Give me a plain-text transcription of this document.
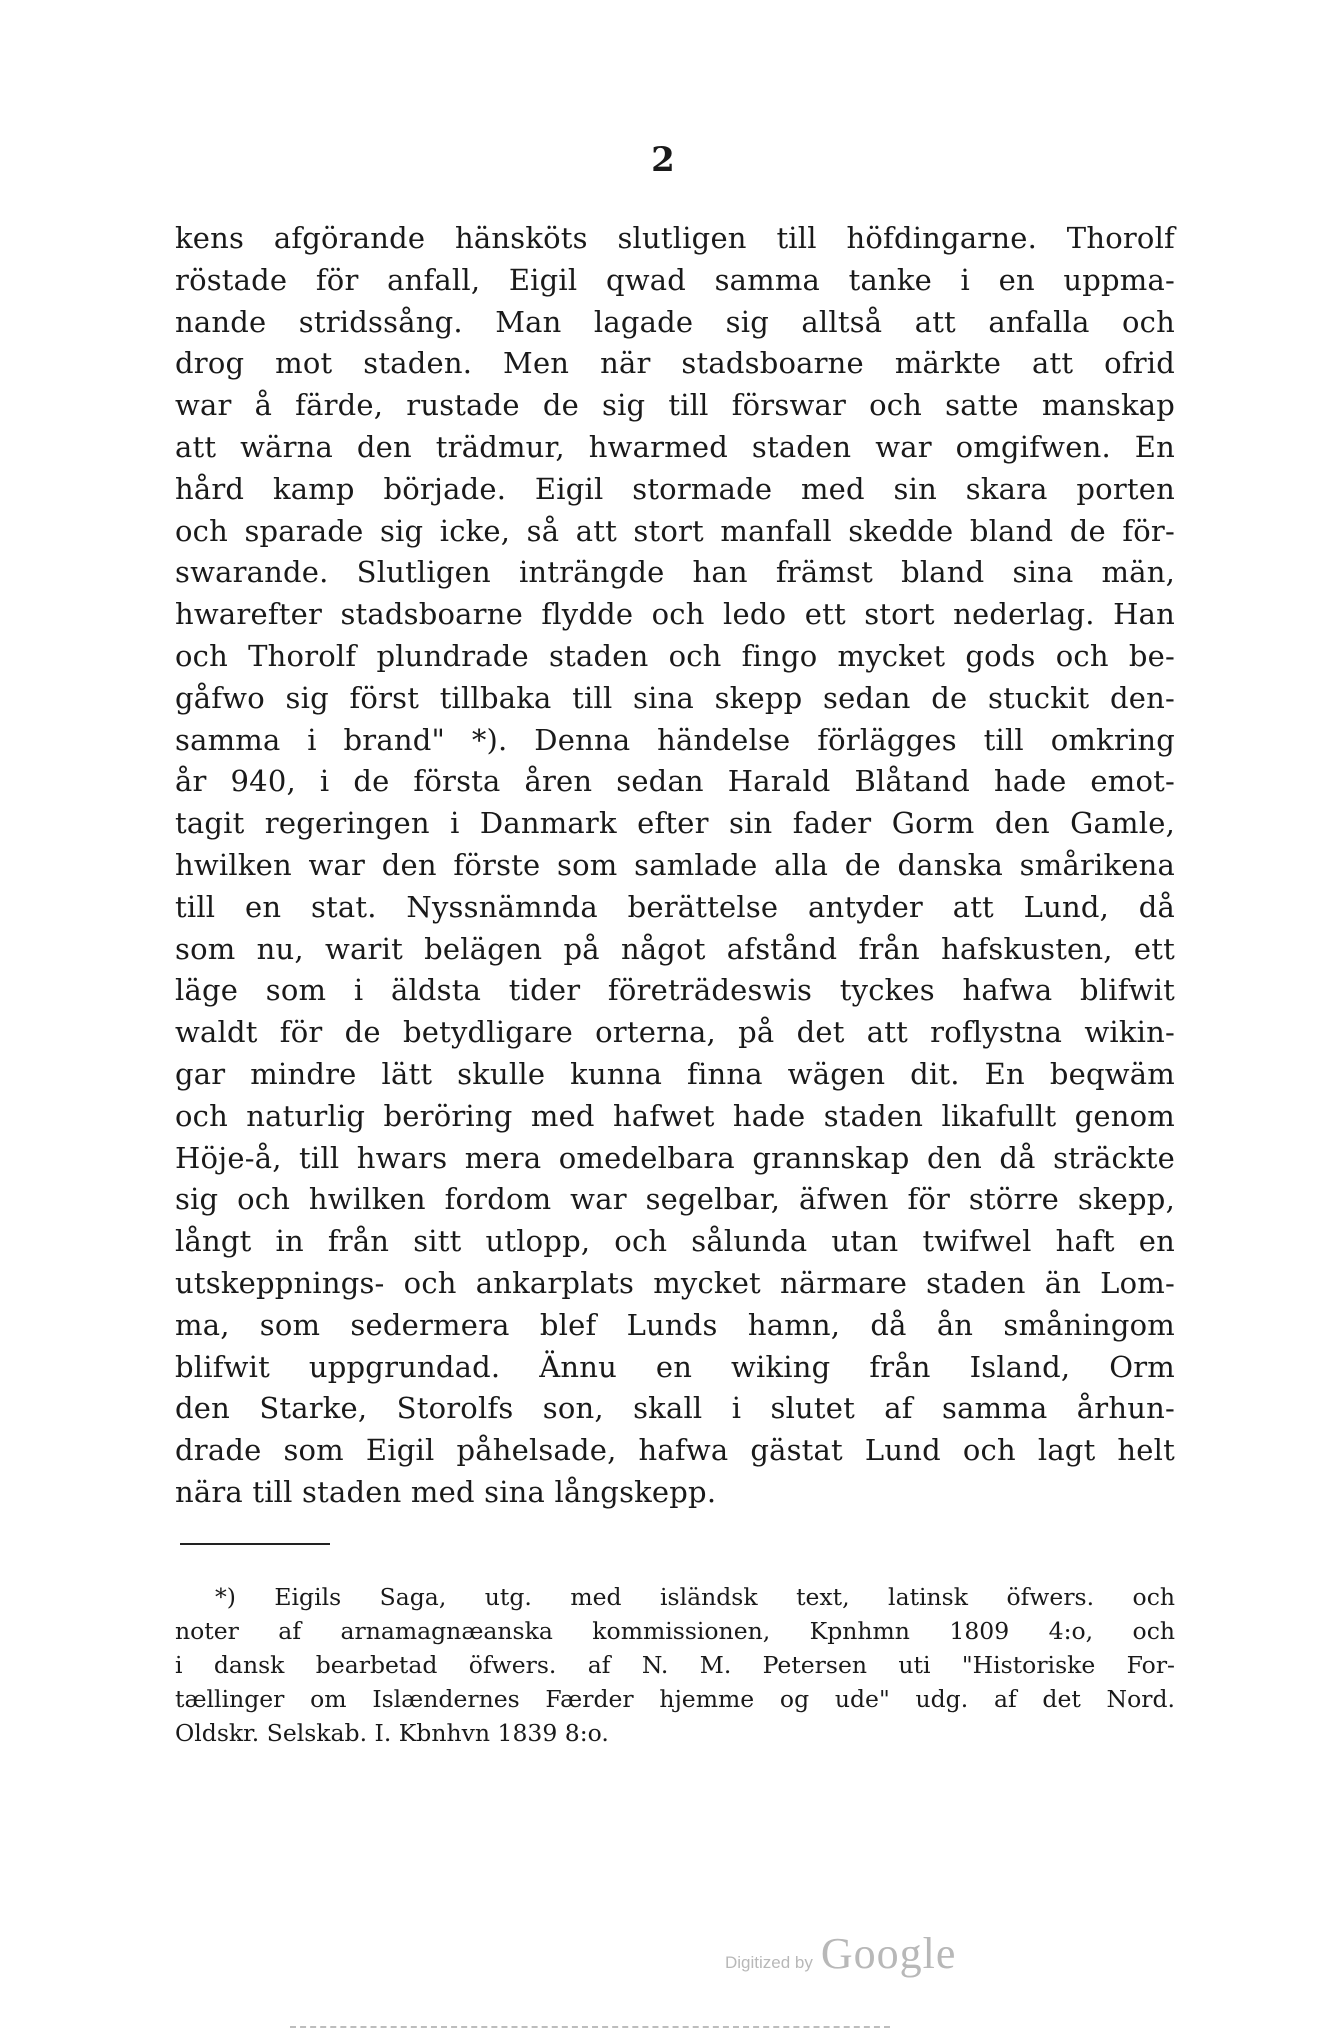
2
kens afgörande hänsköts slutligen till höfdingarne. Thorolf
röstade för anfall, Eigil qwad samma tanke i en uppma-
nande stridssång. Man lagade sig alltså att anfalla och
drog mot staden. Men när stadsboarne märkte att ofrid
war å färde, rustade de sig till förswar och satte manskap
att wärna den trädmur, hwarmed staden war omgifwen. En
hård kamp började. Eigil stormade med sin skara porten
och sparade sig icke, så att stort manfall skedde bland de för-
swarande. Slutligen inträngde han främst bland sina män,
hwarefter stadsboarne flydde och ledo ett stort nederlag. Han
och Thorolf plundrade staden och fingo mycket gods och be-
gåfwo sig först tillbaka till sina skepp sedan de stuckit den-
samma i brand" *). Denna händelse förlägges till omkring
år 940, i de första åren sedan Harald Blåtand hade emot-
tagit regeringen i Danmark efter sin fader Gorm den Gamle,
hwilken war den förste som samlade alla de danska smårikena
till en stat. Nyssnämnda berättelse antyder att Lund, då
som nu, warit belägen på något afstånd från hafskusten, ett
läge som i äldsta tider företrädeswis tyckes hafwa blifwit
waldt för de betydligare orterna, på det att roflystna wikin-
gar mindre lätt skulle kunna finna wägen dit. En beqwäm
och naturlig beröring med hafwet hade staden likafullt genom
Höje-å, till hwars mera omedelbara grannskap den då sträckte
sig och hwilken fordom war segelbar, äfwen för större skepp,
långt in från sitt utlopp, och sålunda utan twifwel haft en
utskeppnings- och ankarplats mycket närmare staden än Lom-
ma, som sedermera blef Lunds hamn, då ån småningom
blifwit uppgrundad. Ännu en wiking från Island, Orm
den Starke, Storolfs son, skall i slutet af samma århun-
drade som Eigil påhelsade, hafwa gästat Lund och lagt helt
nära till staden med sina långskepp.
*) Eigils Saga, utg. med isländsk text, latinsk öfwers. och
noter af arnamagnæanska kommissionen, Kpnhmn 1809 4:o, och
i dansk bearbetad öfwers. af N. M. Petersen uti "Historiske For-
tællinger om Islændernes Færder hjemme og ude" udg. af det Nord.
Oldskr. Selskab. I. Kbnhvn 1839 8:o.
Digitized by Google
